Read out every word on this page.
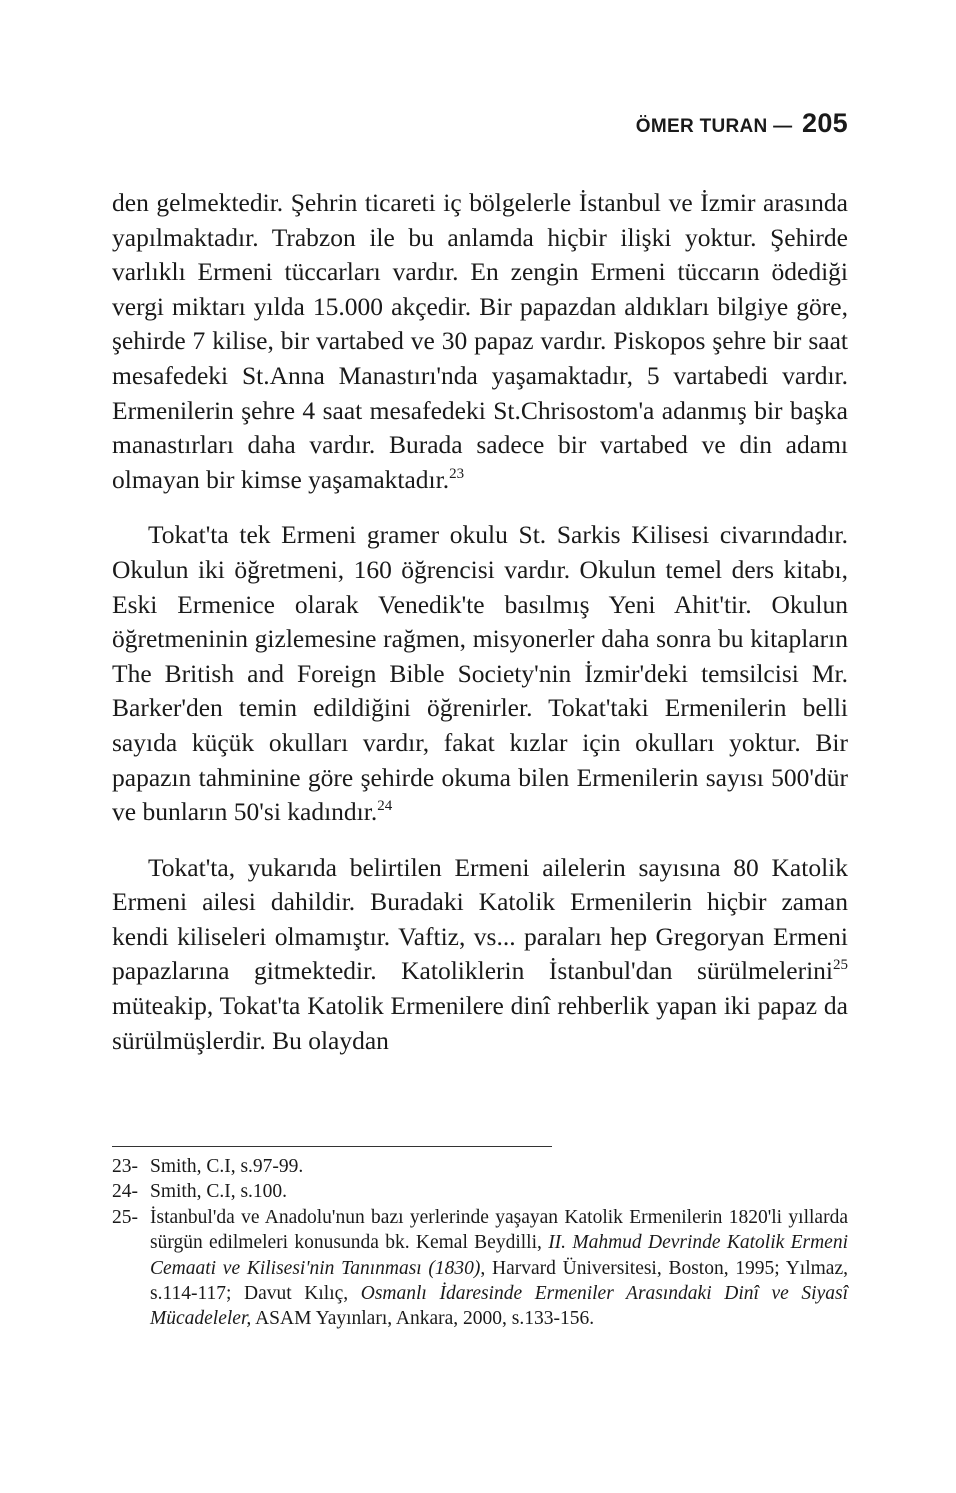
ÖMER TURAN — 205

den gelmektedir. Şehrin ticareti iç bölgelerle İstanbul ve İzmir arasında yapılmaktadır. Trabzon ile bu anlamda hiçbir ilişki yoktur. Şehirde varlıklı Ermeni tüccarları vardır. En zengin Ermeni tüccarın ödediği vergi miktarı yılda 15.000 akçedir. Bir papazdan aldıkları bilgiye göre, şehirde 7 kilise, bir vartabed ve 30 papaz vardır. Piskopos şehre bir saat mesafedeki St.Anna Manastırı'nda yaşamaktadır, 5 vartabedi vardır. Ermenilerin şehre 4 saat mesafedeki St.Chrisostom'a adanmış bir başka manastırları daha vardır. Burada sadece bir vartabed ve din adamı olmayan bir kimse yaşamaktadır.$^{23}$

Tokat'ta tek Ermeni gramer okulu St. Sarkis Kilisesi civarındadır. Okulun iki öğretmeni, 160 öğrencisi vardır. Okulun temel ders kitabı, Eski Ermenice olarak Venedik'te basılmış Yeni Ahit'tir. Okulun öğretmeninin gizlemesine rağmen, misyonerler daha sonra bu kitapların The British and Foreign Bible Society'nin İzmir'deki temsilcisi Mr. Barker'den temin edildiğini öğrenirler. Tokat'taki Ermenilerin belli sayıda küçük okulları vardır, fakat kızlar için okulları yoktur. Bir papazın tahminine göre şehirde okuma bilen Ermenilerin sayısı 500'dür ve bunların 50'si kadındır.$^{24}$

Tokat'ta, yukarıda belirtilen Ermeni ailelerin sayısına 80 Katolik Ermeni ailesi dahildir. Buradaki Katolik Ermenilerin hiçbir zaman kendi kiliseleri olmamıştır. Vaftiz, vs... paraları hep Gregoryan Ermeni papazlarına gitmektedir. Katoliklerin İstanbul'dan sürülmelerini$^{25}$ müteakip, Tokat'ta Katolik Ermenilere dinî rehberlik yapan iki papaz da sürülmüşlerdir. Bu olaydan

23- Smith, C.I, s.97-99.
24- Smith, C.I, s.100.
25- İstanbul'da ve Anadolu'nun bazı yerlerinde yaşayan Katolik Ermenilerin 1820'li yıllarda sürgün edilmeleri konusunda bk. Kemal Beydilli, II. Mahmud Devrinde Katolik Ermeni Cemaati ve Kilisesi'nin Tanınması (1830), Harvard Üniversitesi, Boston, 1995; Yılmaz, s.114-117; Davut Kılıç, Osmanlı İdaresinde Ermeniler Arasındaki Dinî ve Siyasî Mücadeleler, ASAM Yayınları, Ankara, 2000, s.133-156.
